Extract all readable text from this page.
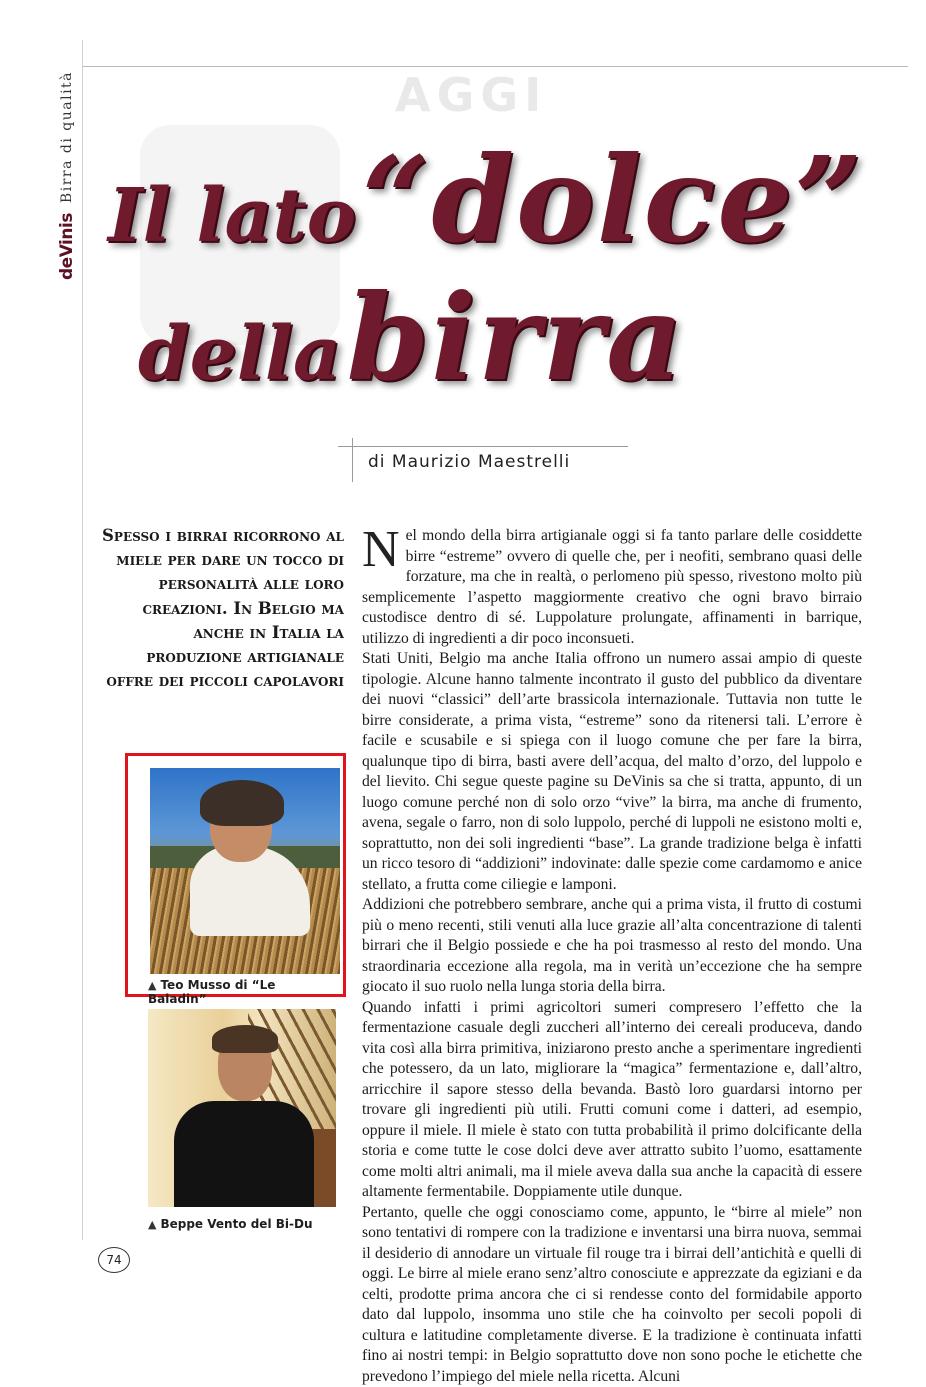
deVinis
Birra di qualità	AGGI
Il lato “dolce”
della birra
di Maurizio Maestrelli
Spesso i birrai ricorrono al miele per dare un tocco di personalità alle loro creazioni. In Belgio ma anche in Italia la produzione artigianale offre dei piccoli capolavori
▲ Teo Musso di “Le Baladin”
▲ Beppe Vento del Bi-Du

Nel mondo della birra artigianale oggi si fa tanto parlare delle cosiddette birre “estreme” ovvero di quelle che, per i neofiti, sembrano quasi delle forzature, ma che in realtà, o perlomeno più spesso, rivestono molto più semplicemente l’aspetto maggiormente creativo che ogni bravo birraio custodisce dentro di sé. Luppolature prolungate, affinamenti in barrique, utilizzo di ingredienti a dir poco inconsueti.

Stati Uniti, Belgio ma anche Italia offrono un numero assai ampio di queste tipologie. Alcune hanno talmente incontrato il gusto del pubblico da diventare dei nuovi “classici” dell’arte brassicola internazionale. Tuttavia non tutte le birre considerate, a prima vista, “estreme” sono da ritenersi tali. L’errore è facile e scusabile e si spiega con il luogo comune che per fare la birra, qualunque tipo di birra, basti avere dell’acqua, del malto d’orzo, del luppolo e del lievito. Chi segue queste pagine su DeVinis sa che si tratta, appunto, di un luogo comune perché non di solo orzo “vive” la birra, ma anche di frumento, avena, segale o farro, non di solo luppolo, perché di luppoli ne esistono molti e, soprattutto, non dei soli ingredienti “base”. La grande tradizione belga è infatti un ricco tesoro di “addizioni” indovinate: dalle spezie come cardamomo e anice stellato, a frutta come ciliegie e lamponi.

Addizioni che potrebbero sembrare, anche qui a prima vista, il frutto di costumi più o meno recenti, stili venuti alla luce grazie all’alta concentrazione di talenti birrari che il Belgio possiede e che ha poi trasmesso al resto del mondo. Una straordinaria eccezione alla regola, ma in verità un’eccezione che ha sempre giocato il suo ruolo nella lunga storia della birra.

Quando infatti i primi agricoltori sumeri compresero l’effetto che la fermentazione casuale degli zuccheri all’interno dei cereali produceva, dando vita così alla birra primitiva, iniziarono presto anche a sperimentare ingredienti che potessero, da un lato, migliorare la “magica” fermentazione e, dall’altro, arricchire il sapore stesso della bevanda. Bastò loro guardarsi intorno per trovare gli ingredienti più utili. Frutti comuni come i datteri, ad esempio, oppure il miele. Il miele è stato con tutta probabilità il primo dolcificante della storia e come tutte le cose dolci deve aver attratto subito l’uomo, esattamente come molti altri animali, ma il miele aveva dalla sua anche la capacità di essere altamente fermentabile. Doppiamente utile dunque.

Pertanto, quelle che oggi conosciamo come, appunto, le “birre al miele” non sono tentativi di rompere con la tradizione e inventarsi una birra nuova, semmai il desiderio di annodare un virtuale fil rouge tra i birrai dell’antichità e quelli di oggi. Le birre al miele erano senz’altro conosciute e apprezzate da egiziani e da celti, prodotte prima ancora che ci si rendesse conto del formidabile apporto dato dal luppolo, insomma uno stile che ha coinvolto per secoli popoli di cultura e latitudine completamente diverse. E la tradizione è continuata infatti fino ai nostri tempi: in Belgio soprattutto dove non sono poche le etichette che prevedono l’impiego del miele nella ricetta. Alcuni

74
